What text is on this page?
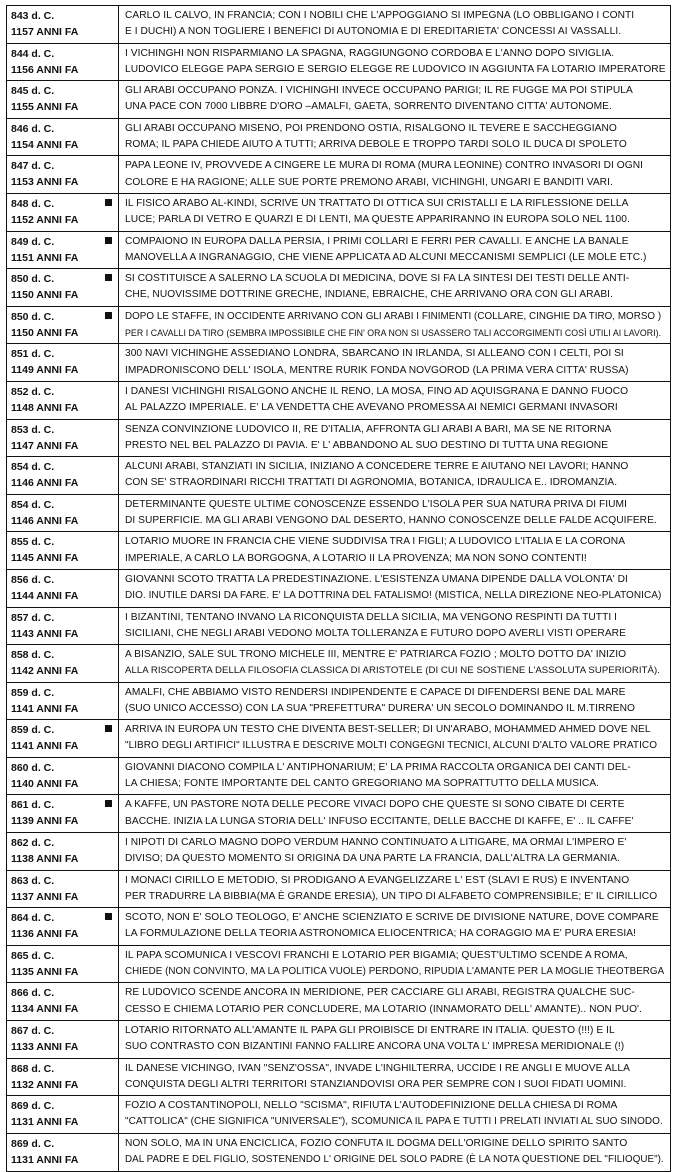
843 d. C.
1157 ANNI FA
CARLO IL CALVO, IN FRANCIA; CON I NOBILI CHE L'APPOGGIANO SI IMPEGNA (LO OBBLIGANO I CONTI
E I DUCHI) A NON TOGLIERE I BENEFICI DI AUTONOMIA E DI EREDITARIETA' CONCESSI AI VASSALLI.
844 d. C.
1156 ANNI FA
I VICHINGHI NON RISPARMIANO LA SPAGNA, RAGGIUNGONO CORDOBA E L'ANNO DOPO SIVIGLIA.
LUDOVICO ELEGGE PAPA SERGIO E SERGIO ELEGGE RE LUDOVICO IN AGGIUNTA FA LOTARIO IMPERATORE
845 d. C.
1155 ANNI FA
GLI ARABI OCCUPANO PONZA. I VICHINGHI INVECE OCCUPANO PARIGI; IL RE FUGGE MA POI STIPULA
UNA PACE CON 7000 LIBBRE D'ORO –AMALFI, GAETA, SORRENTO DIVENTANO CITTA' AUTONOME.
846 d. C.
1154 ANNI FA
GLI ARABI OCCUPANO MISENO, POI PRENDONO OSTIA, RISALGONO IL TEVERE E SACCHEGGIANO
ROMA; IL PAPA CHIEDE AIUTO A TUTTI; ARRIVA DEBOLE E TROPPO TARDI SOLO IL DUCA DI SPOLETO
847 d. C.
1153 ANNI FA
PAPA LEONE IV, PROVVEDE A CINGERE LE MURA DI ROMA (MURA LEONINE) CONTRO INVASORI DI OGNI
COLORE E HA RAGIONE; ALLE SUE PORTE PREMONO ARABI, VICHINGHI, UNGARI E BANDITI VARI.
848 d. C.
1152 ANNI FA
IL FISICO ARABO AL-KINDI, SCRIVE UN TRATTATO DI OTTICA SUI CRISTALLI E LA RIFLESSIONE DELLA
LUCE; PARLA DI VETRO E QUARZI E DI LENTI, MA QUESTE APPARIRANNO IN EUROPA SOLO NEL 1100.
849 d. C.
1151 ANNI FA
COMPAIONO IN EUROPA DALLA PERSIA, I PRIMI COLLARI E FERRI PER CAVALLI. E ANCHE LA BANALE
MANOVELLA A INGRANAGGIO, CHE VIENE APPLICATA AD ALCUNI MECCANISMI SEMPLICI (LE MOLE ETC.)
850 d. C.
1150 ANNI FA
SI COSTITUISCE A SALERNO LA SCUOLA DI MEDICINA, DOVE SI FA LA SINTESI DEI TESTI DELLE ANTI-
CHE, NUOVISSIME DOTTRINE GRECHE, INDIANE, EBRAICHE, CHE ARRIVANO ORA CON GLI ARABI.
850 d. C.
1150 ANNI FA
DOPO LE STAFFE, IN OCCIDENTE ARRIVANO CON GLI ARABI I FINIMENTI (COLLARE, CINGHIE DA TIRO, MORSO )
PER I CAVALLI DA TIRO (SEMBRA IMPOSSIBILE CHE FIN' ORA NON SI USASSERO TALI ACCORGIMENTI COSÌ UTILI AI LAVORI).
851 d. C.
1149 ANNI FA
300 NAVI VICHINGHE ASSEDIANO LONDRA, SBARCANO IN IRLANDA, SI ALLEANO CON I CELTI, POI SI
IMPADRONISCONO DELL' ISOLA, MENTRE RURIK FONDA NOVGOROD (LA PRIMA VERA CITTA' RUSSA)
852 d. C.
1148 ANNI FA
I DANESI VICHINGHI RISALGONO ANCHE IL RENO, LA MOSA, FINO AD AQUISGRANA E DANNO FUOCO
AL PALAZZO IMPERIALE. E' LA VENDETTA CHE AVEVANO PROMESSA AI NEMICI GERMANI INVASORI
853 d. C.
1147 ANNI FA
SENZA CONVINZIONE LUDOVICO II, RE D'ITALIA, AFFRONTA GLI ARABI A BARI, MA SE NE RITORNA
PRESTO NEL BEL PALAZZO DI PAVIA. E' L' ABBANDONO AL SUO DESTINO DI TUTTA UNA REGIONE
854 d. C.
1146 ANNI FA
ALCUNI ARABI, STANZIATI IN SICILIA, INIZIANO A CONCEDERE TERRE E AIUTANO NEI LAVORI; HANNO
CON SE' STRAORDINARI RICCHI TRATTATI DI AGRONOMIA, BOTANICA, IDRAULICA E.. IDROMANZIA.
854 d. C.
1146 ANNI FA
DETERMINANTE QUESTE ULTIME CONOSCENZE ESSENDO L'ISOLA PER SUA NATURA PRIVA DI FIUMI
DI SUPERFICIE. MA GLI ARABI VENGONO DAL DESERTO, HANNO CONOSCENZE DELLE FALDE ACQUIFERE.
855 d. C.
1145 ANNI FA
LOTARIO MUORE IN FRANCIA CHE VIENE SUDDIVISA TRA I FIGLI; A LUDOVICO L'ITALIA E LA CORONA
IMPERIALE, A CARLO LA BORGOGNA, A LOTARIO II LA PROVENZA; MA NON SONO CONTENTI!
856 d. C.
1144 ANNI FA
GIOVANNI SCOTO TRATTA LA PREDESTINAZIONE. L'ESISTENZA UMANA DIPENDE DALLA VOLONTA' DI
DIO. INUTILE DARSI DA FARE. E' LA DOTTRINA DEL FATALISMO! (MISTICA, NELLA DIREZIONE NEO-PLATONICA)
857 d. C.
1143 ANNI FA
I BIZANTINI, TENTANO INVANO LA RICONQUISTA DELLA SICILIA, MA VENGONO RESPINTI DA TUTTI I
SICILIANI, CHE NEGLI ARABI VEDONO MOLTA TOLLERANZA E FUTURO DOPO AVERLI VISTI OPERARE
858 d. C.
1142 ANNI FA
A BISANZIO, SALE SUL TRONO MICHELE III, MENTRE E' PATRIARCA FOZIO ; MOLTO DOTTO DA' INIZIO
ALLA RISCOPERTA DELLA FILOSOFIA CLASSICA DI ARISTOTELE (DI CUI NE SOSTIENE L'ASSOLUTA SUPERIORITÀ).
859 d. C.
1141 ANNI FA
AMALFI, CHE ABBIAMO VISTO RENDERSI INDIPENDENTE E CAPACE DI DIFENDERSI BENE DAL MARE
(SUO UNICO ACCESSO) CON LA SUA "PREFETTURA" DURERA' UN SECOLO DOMINANDO IL M.TIRRENO
859 d. C.
1141 ANNI FA
ARRIVA IN EUROPA UN TESTO CHE DIVENTA BEST-SELLER; DI UN'ARABO, MOHAMMED AHMED DOVE NEL
"LIBRO DEGLI ARTIFICI" ILLUSTRA E DESCRIVE MOLTI CONGEGNI TECNICI, ALCUNI D'ALTO VALORE PRATICO
860 d. C.
1140 ANNI FA
GIOVANNI DIACONO COMPILA L' ANTIPHONARIUM; E' LA PRIMA RACCOLTA ORGANICA DEI CANTI DEL-
LA CHIESA; FONTE IMPORTANTE DEL CANTO GREGORIANO MA SOPRATTUTTO DELLA MUSICA.
861 d. C.
1139 ANNI FA
A KAFFE, UN PASTORE NOTA DELLE PECORE VIVACI DOPO CHE QUESTE SI SONO CIBATE DI CERTE
BACCHE. INIZIA LA LUNGA STORIA DELL' INFUSO ECCITANTE, DELLE BACCHE DI KAFFE, E' .. IL CAFFE'
862 d. C.
1138 ANNI FA
I NIPOTI DI CARLO MAGNO DOPO VERDUM HANNO CONTINUATO A LITIGARE, MA ORMAI L'IMPERO E'
DIVISO; DA QUESTO MOMENTO SI ORIGINA DA UNA PARTE LA FRANCIA, DALL'ALTRA LA GERMANIA.
863 d. C.
1137 ANNI FA
I MONACI CIRILLO E METODIO, SI PRODIGANO A EVANGELIZZARE L' EST (SLAVI E RUS) E INVENTANO
PER TRADURRE LA BIBBIA(MA È GRANDE ERESIA), UN TIPO DI ALFABETO COMPRENSIBILE; E' IL CIRILLICO
864 d. C.
1136 ANNI FA
SCOTO, NON E' SOLO TEOLOGO, E' ANCHE SCIENZIATO E SCRIVE DE DIVISIONE NATURE, DOVE COMPARE
LA FORMULAZIONE DELLA TEORIA ASTRONOMICA ELIOCENTRICA; HA CORAGGIO MA E' PURA ERESIA!
865 d. C.
1135 ANNI FA
IL PAPA SCOMUNICA I VESCOVI FRANCHI E LOTARIO PER BIGAMIA; QUEST'ULTIMO SCENDE A ROMA,
CHIEDE (NON CONVINTO, MA LA POLITICA VUOLE) PERDONO, RIPUDIA L'AMANTE PER LA MOGLIE THEOTBERGA
866 d. C.
1134 ANNI FA
RE LUDOVICO SCENDE ANCORA IN MERIDIONE, PER CACCIARE GLI ARABI, REGISTRA QUALCHE SUC-
CESSO E CHIEMA LOTARIO PER CONCLUDERE, MA LOTARIO (INNAMORATO DELL' AMANTE).. NON PUO'.
867 d. C.
1133 ANNI FA
LOTARIO RITORNATO ALL'AMANTE IL PAPA GLI PROIBISCE DI ENTRARE IN ITALIA. QUESTO (!!!) E IL
SUO CONTRASTO CON BIZANTINI FANNO FALLIRE ANCORA UNA VOLTA L' IMPRESA MERIDIONALE (!)
868 d. C.
1132 ANNI FA
IL DANESE VICHINGO, IVAN "SENZ'OSSA", INVADE L'INGHILTERRA, UCCIDE I RE ANGLI E MUOVE ALLA
CONQUISTA DEGLI ALTRI TERRITORI STANZIANDOVISI ORA PER SEMPRE CON I SUOI FIDATI UOMINI.
869 d. C.
1131 ANNI FA
FOZIO A COSTANTINOPOLI, NELLO "SCISMA", RIFIUTA L'AUTODEFINIZIONE DELLA CHIESA DI ROMA
"CATTOLICA" (CHE SIGNIFICA "UNIVERSALE"), SCOMUNICA IL PAPA E TUTTI I PRELATI INVIATI AL SUO SINODO.
869 d. C.
1131 ANNI FA
NON SOLO, MA IN UNA ENCICLICA, FOZIO CONFUTA IL DOGMA DELL'ORIGINE DELLO SPIRITO SANTO
DAL PADRE E DEL FIGLIO, SOSTENENDO L' ORIGINE DEL SOLO PADRE (È LA NOTA QUESTIONE DEL "FILIOQUE").
